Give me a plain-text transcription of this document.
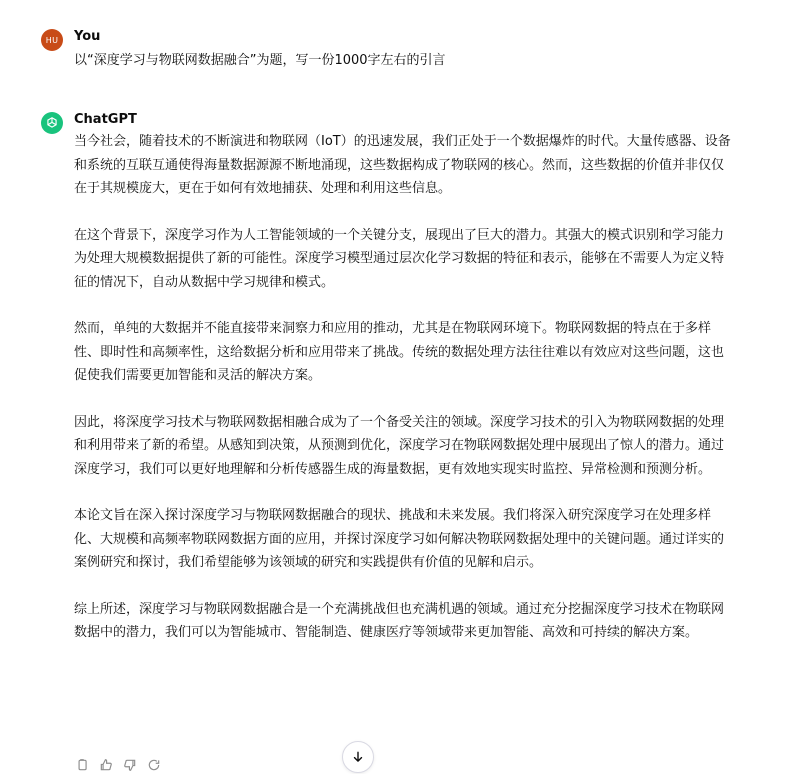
HU	You
以“深度学习与物联网数据融合”为题，写一份1000字左右的引言
ChatGPT

当今社会，随着技术的不断演进和物联网（IoT）的迅速发展，我们正处于一个数据爆炸的时代。大量传感器、设备和系统的互联互通使得海量数据源源不断地涌现，这些数据构成了物联网的核心。然而，这些数据的价值并非仅仅在于其规模庞大，更在于如何有效地捕获、处理和利用这些信息。

在这个背景下，深度学习作为人工智能领域的一个关键分支，展现出了巨大的潜力。其强大的模式识别和学习能力为处理大规模数据提供了新的可能性。深度学习模型通过层次化学习数据的特征和表示，能够在不需要人为定义特征的情况下，自动从数据中学习规律和模式。

然而，单纯的大数据并不能直接带来洞察力和应用的推动，尤其是在物联网环境下。物联网数据的特点在于多样性、即时性和高频率性，这给数据分析和应用带来了挑战。传统的数据处理方法往往难以有效应对这些问题，这也促使我们需要更加智能和灵活的解决方案。

因此，将深度学习技术与物联网数据相融合成为了一个备受关注的领域。深度学习技术的引入为物联网数据的处理和利用带来了新的希望。从感知到决策，从预测到优化，深度学习在物联网数据处理中展现出了惊人的潜力。通过深度学习，我们可以更好地理解和分析传感器生成的海量数据，更有效地实现实时监控、异常检测和预测分析。

本论文旨在深入探讨深度学习与物联网数据融合的现状、挑战和未来发展。我们将深入研究深度学习在处理多样化、大规模和高频率物联网数据方面的应用，并探讨深度学习如何解决物联网数据处理中的关键问题。通过详实的案例研究和探讨，我们希望能够为该领域的研究和实践提供有价值的见解和启示。

综上所述，深度学习与物联网数据融合是一个充满挑战但也充满机遇的领域。通过充分挖掘深度学习技术在物联网数据中的潜力，我们可以为智能城市、智能制造、健康医疗等领域带来更加智能、高效和可持续的解决方案。
